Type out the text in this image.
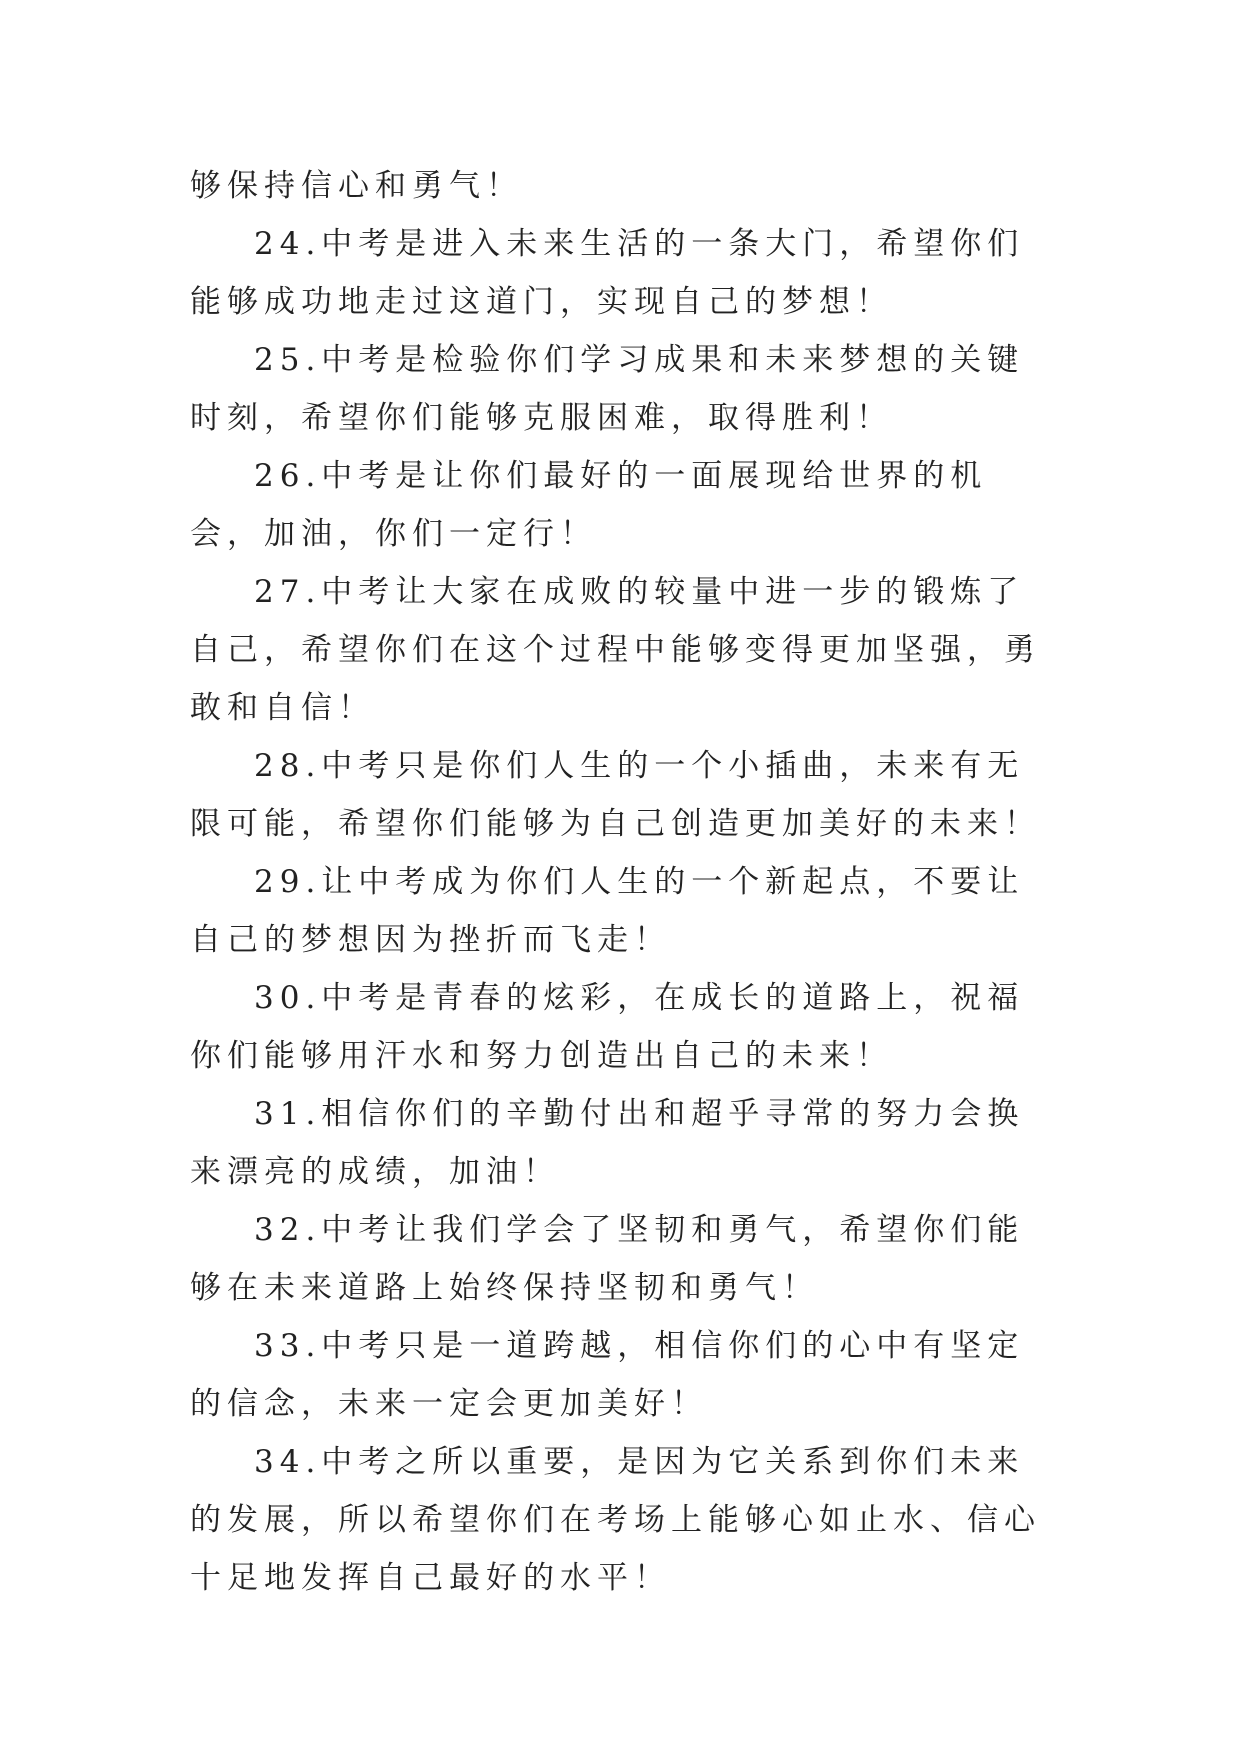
够保持信心和勇气！

24.中考是进入未来生活的一条大门，希望你们能够成功地走过这道门，实现自己的梦想！

25.中考是检验你们学习成果和未来梦想的关键时刻，希望你们能够克服困难，取得胜利！

26.中考是让你们最好的一面展现给世界的机会，加油，你们一定行！

27.中考让大家在成败的较量中进一步的锻炼了自己，希望你们在这个过程中能够变得更加坚强，勇敢和自信！

28.中考只是你们人生的一个小插曲，未来有无限可能，希望你们能够为自己创造更加美好的未来！

29.让中考成为你们人生的一个新起点，不要让自己的梦想因为挫折而飞走！

30.中考是青春的炫彩，在成长的道路上，祝福你们能够用汗水和努力创造出自己的未来！

31.相信你们的辛勤付出和超乎寻常的努力会换来漂亮的成绩，加油！

32.中考让我们学会了坚韧和勇气，希望你们能够在未来道路上始终保持坚韧和勇气！

33.中考只是一道跨越，相信你们的心中有坚定的信念，未来一定会更加美好！

34.中考之所以重要，是因为它关系到你们未来的发展，所以希望你们在考场上能够心如止水、信心十足地发挥自己最好的水平！
